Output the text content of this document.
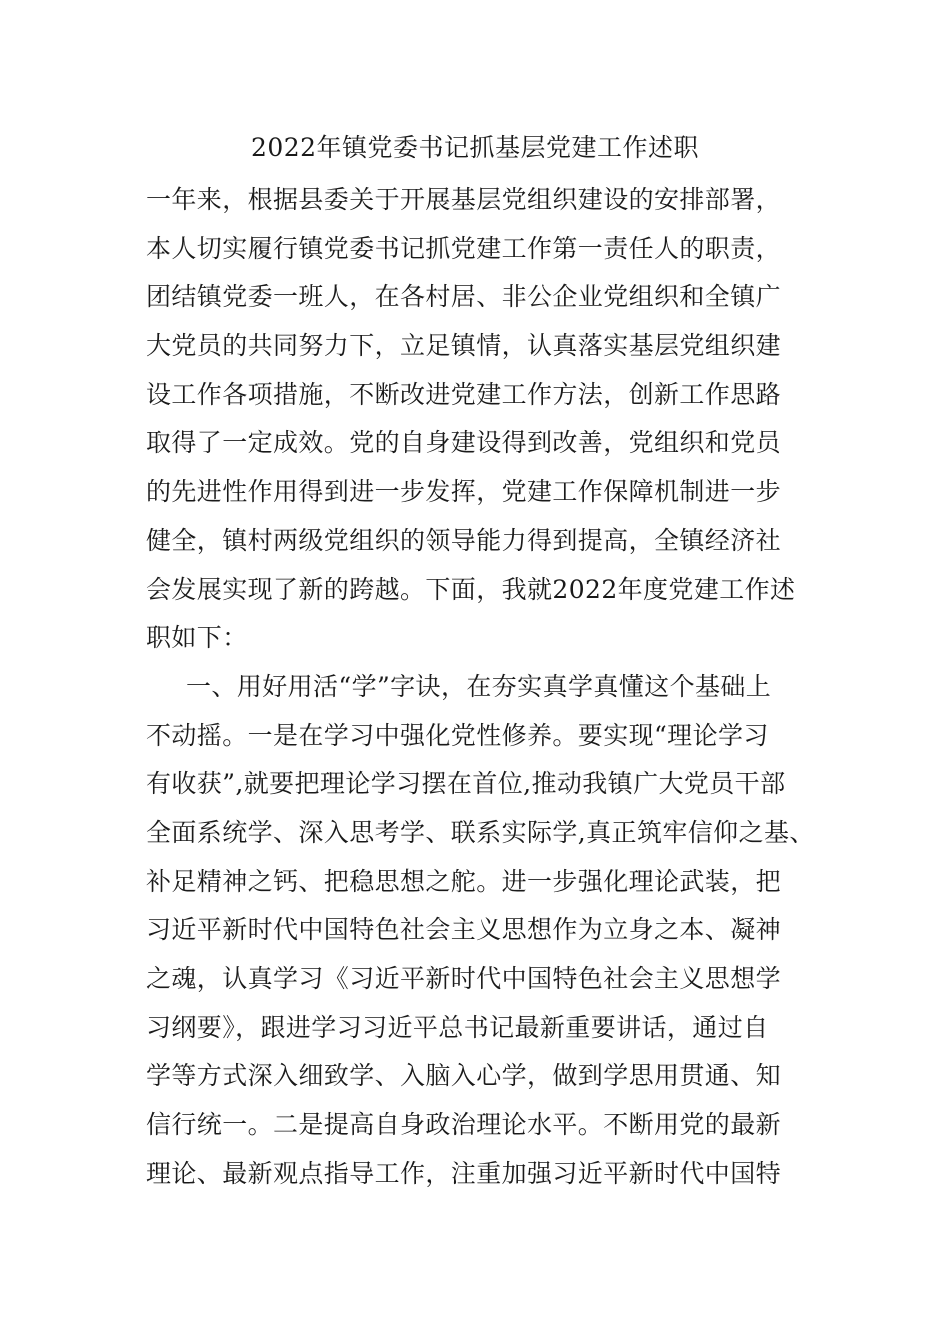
2022年镇党委书记抓基层党建工作述职
一年来，根据县委关于开展基层党组织建设的安排部署，
本人切实履行镇党委书记抓党建工作第一责任人的职责，
团结镇党委一班人，在各村居、非公企业党组织和全镇广
大党员的共同努力下，立足镇情，认真落实基层党组织建
设工作各项措施，不断改进党建工作方法，创新工作思路
取得了一定成效。党的自身建设得到改善，党组织和党员
的先进性作用得到进一步发挥，党建工作保障机制进一步
健全，镇村两级党组织的领导能力得到提高，全镇经济社
会发展实现了新的跨越。下面，我就2022年度党建工作述
职如下：
一、用好用活“学”字诀，在夯实真学真懂这个基础上
不动摇。一是在学习中强化党性修养。要实现“理论学习
有收获”,就要把理论学习摆在首位,推动我镇广大党员干部
全面系统学、深入思考学、联系实际学,真正筑牢信仰之基、
补足精神之钙、把稳思想之舵。进一步强化理论武装，把
习近平新时代中国特色社会主义思想作为立身之本、凝神
之魂，认真学习《习近平新时代中国特色社会主义思想学
习纲要》，跟进学习习近平总书记最新重要讲话，通过自
学等方式深入细致学、入脑入心学，做到学思用贯通、知
信行统一。二是提高自身政治理论水平。不断用党的最新
理论、最新观点指导工作，注重加强习近平新时代中国特
